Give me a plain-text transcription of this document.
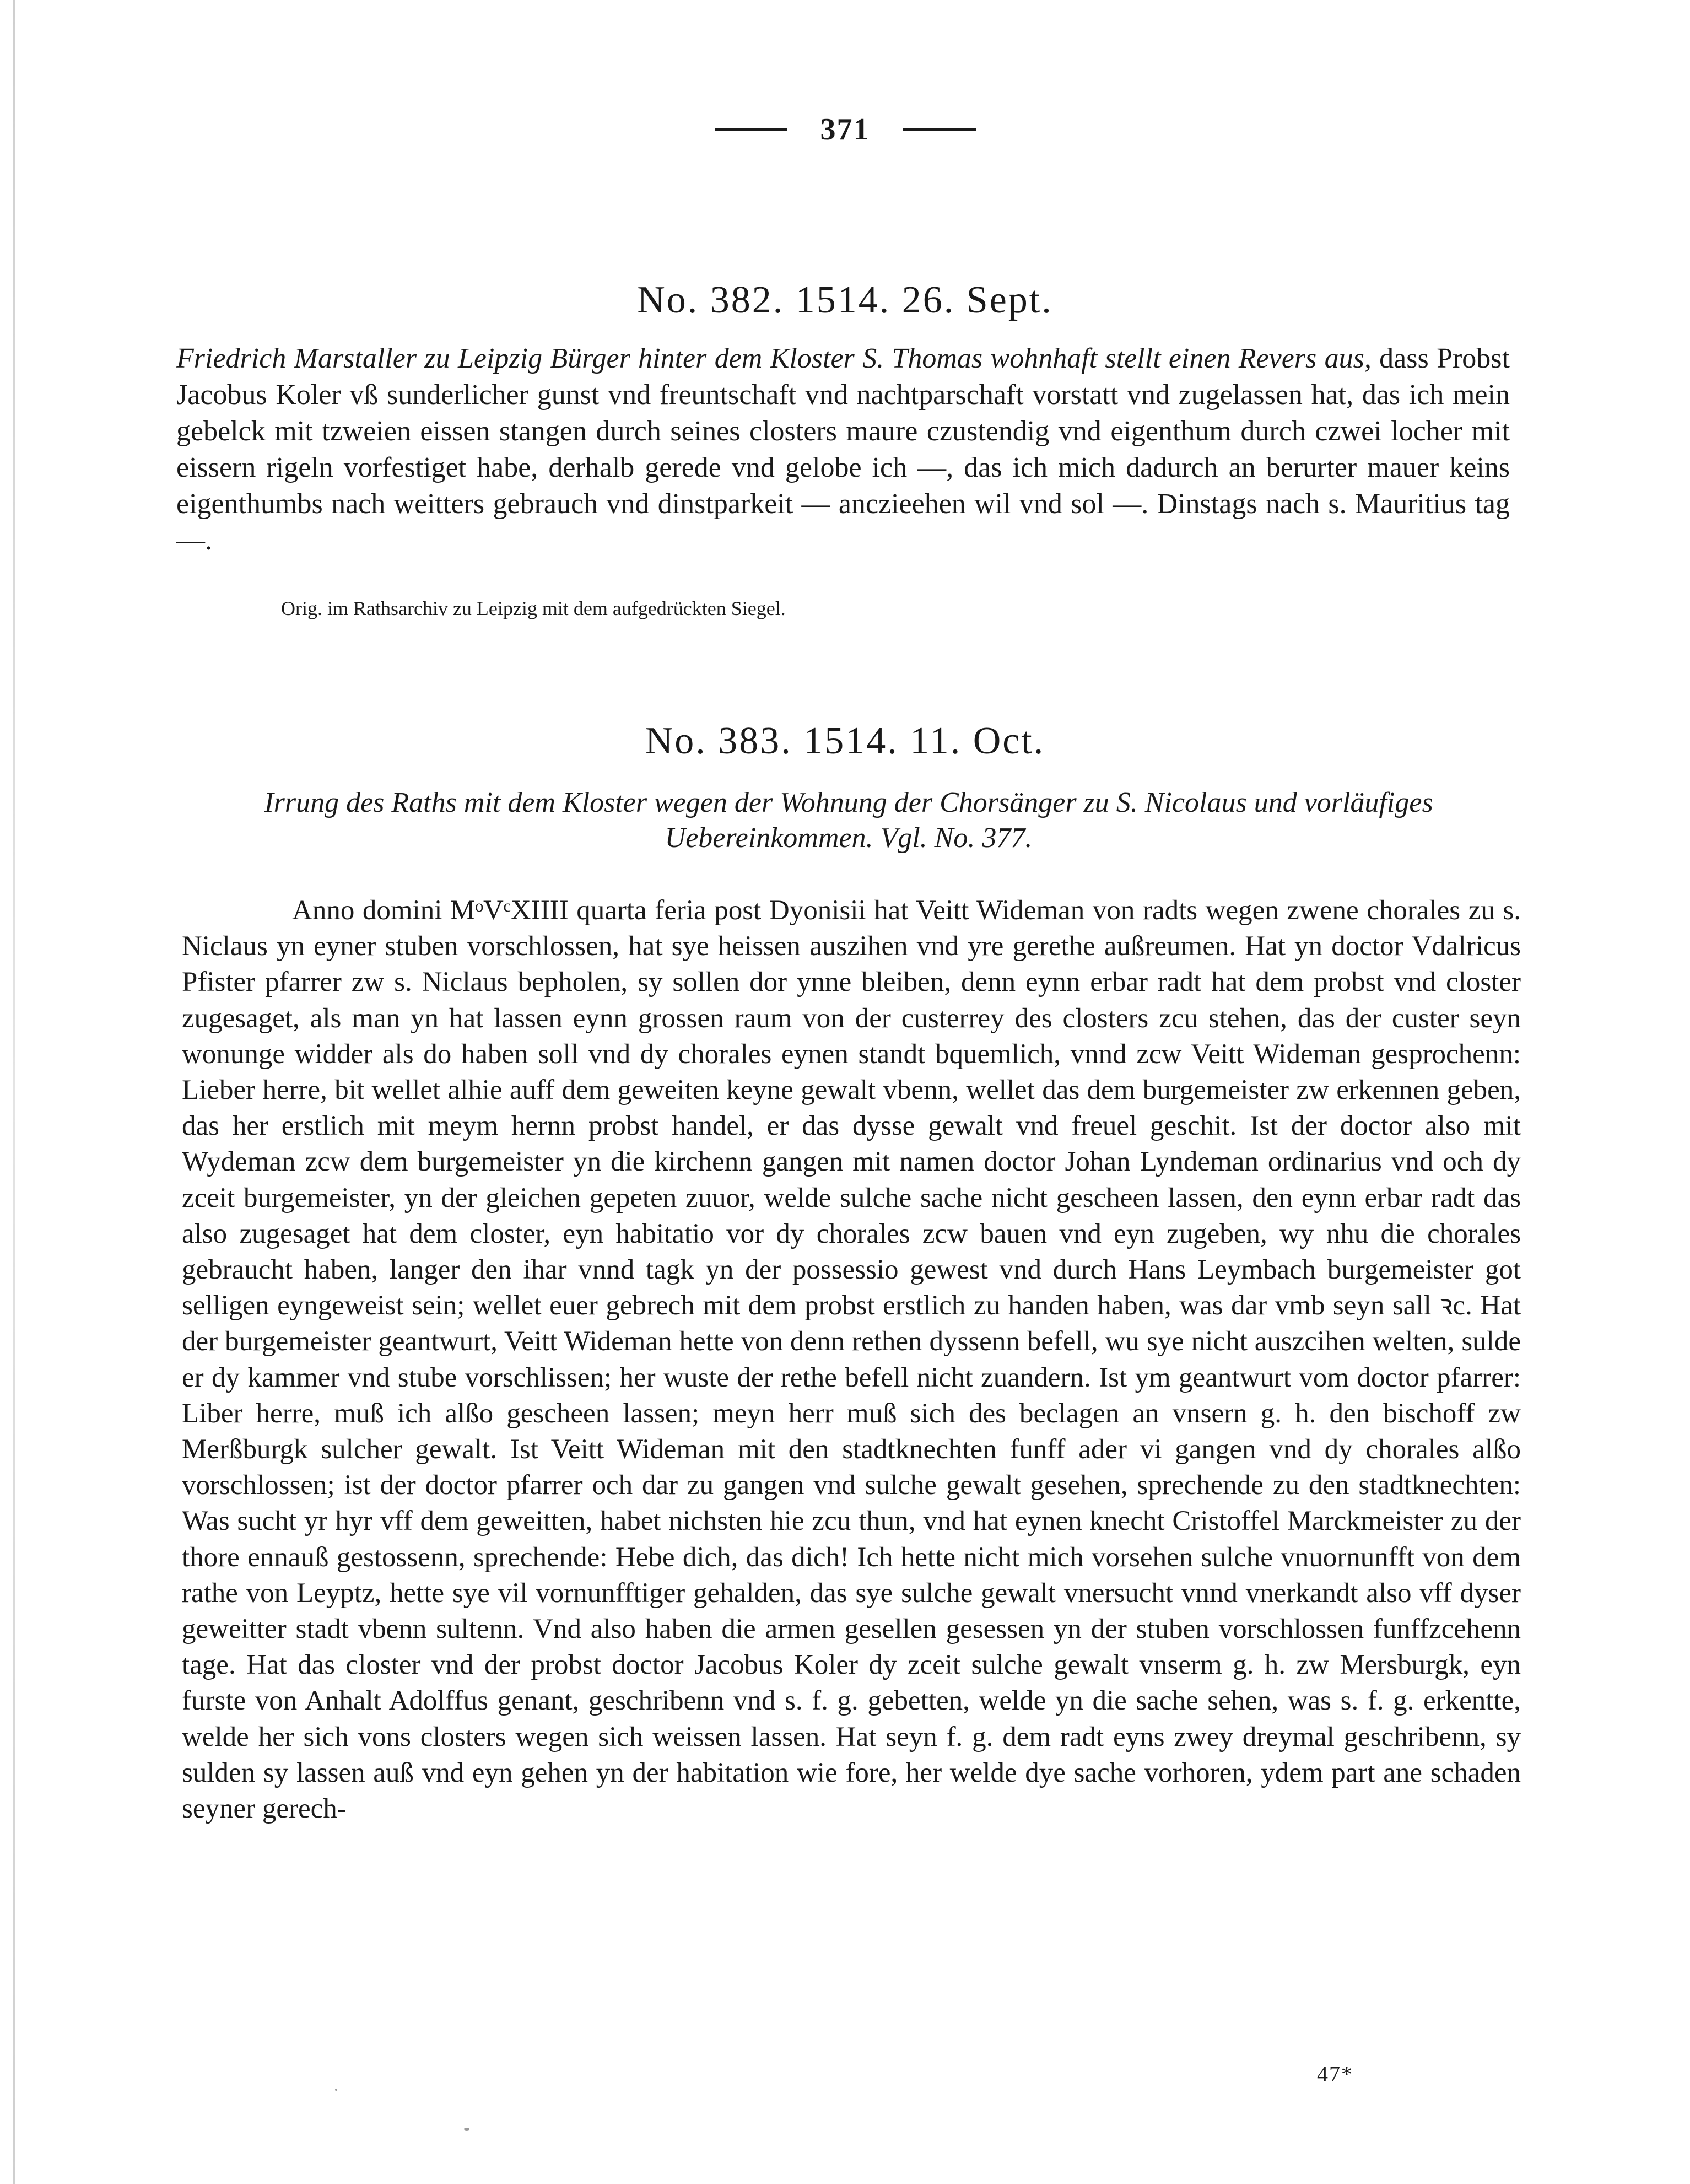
371
No. 382. 1514. 26. Sept.
Friedrich Marstaller zu Leipzig Bürger hinter dem Kloster S. Thomas wohnhaft stellt einen Revers aus, dass Probst Jacobus Koler vß sunderlicher gunst vnd freuntschaft vnd nachtparschaft vorstatt vnd zugelassen hat, das ich mein gebelck mit tzweien eissen stangen durch seines closters maure czustendig vnd eigenthum durch czwei locher mit eissern rigeln vorfestiget habe, derhalb gerede vnd gelobe ich —, das ich mich dadurch an berurter mauer keins eigenthumbs nach weitters gebrauch vnd dinstparkeit — anczieehen wil vnd sol —. Dinstags nach s. Mauritius tag —.
Orig. im Rathsarchiv zu Leipzig mit dem aufgedrückten Siegel.
No. 383. 1514. 11. Oct.
Irrung des Raths mit dem Kloster wegen der Wohnung der Chorsänger zu S. Nicolaus und vorläufiges Uebereinkommen. Vgl. No. 377.

Anno domini MᵒVᶜXIIII quarta feria post Dyonisii hat Veitt Wideman von radts wegen zwene chorales zu s. Niclaus yn eyner stuben vorschlossen, hat sye heissen auszihen vnd yre gerethe außreumen. Hat yn doctor Vdalricus Pfister pfarrer zw s. Niclaus bepholen, sy sollen dor ynne bleiben, denn eynn erbar radt hat dem probst vnd closter zugesaget, als man yn hat lassen eynn grossen raum von der custerrey des closters zcu stehen, das der custer seyn wonunge widder als do haben soll vnd dy chorales eynen standt bquemlich, vnnd zcw Veitt Wideman gesprochenn: Lieber herre, bit wellet alhie auff dem geweiten keyne gewalt vbenn, wellet das dem burgemeister zw erkennen geben, das her erstlich mit meym hernn probst handel, er das dysse gewalt vnd freuel geschit. Ist der doctor also mit Wydeman zcw dem burgemeister yn die kirchenn gangen mit namen doctor Johan Lyndeman ordinarius vnd och dy zceit burgemeister, yn der gleichen gepeten zuuor, welde sulche sache nicht gescheen lassen, den eynn erbar radt das also zugesaget hat dem closter, eyn habitatio vor dy chorales zcw bauen vnd eyn zugeben, wy nhu die chorales gebraucht haben, langer den ihar vnnd tagk yn der possessio gewest vnd durch Hans Leymbach burgemeister got selligen eyngeweist sein; wellet euer gebrech mit dem probst erstlich zu handen haben, was dar vmb seyn sall ꝛc. Hat der burgemeister geantwurt, Veitt Wideman hette von denn rethen dyssenn befell, wu sye nicht auszcihen welten, sulde er dy kammer vnd stube vorschlissen; her wuste der rethe befell nicht zuandern. Ist ym geantwurt vom doctor pfarrer: Liber herre, muß ich alßo gescheen lassen; meyn herr muß sich des beclagen an vnsern g. h. den bischoff zw Merßburgk sulcher gewalt. Ist Veitt Wideman mit den stadtknechten funff ader vi gangen vnd dy chorales alßo vorschlossen; ist der doctor pfarrer och dar zu gangen vnd sulche gewalt gesehen, sprechende zu den stadtknechten: Was sucht yr hyr vff dem geweitten, habet nichsten hie zcu thun, vnd hat eynen knecht Cristoffel Marckmeister zu der thore ennauß gestossenn, sprechende: Hebe dich, das dich! Ich hette nicht mich vorsehen sulche vnuornunfft von dem rathe von Leyptz, hette sye vil vornunfftiger gehalden, das sye sulche gewalt vnersucht vnnd vnerkandt also vff dyser geweitter stadt vbenn sultenn. Vnd also haben die armen gesellen gesessen yn der stuben vorschlossen funffzcehenn tage. Hat das closter vnd der probst doctor Jacobus Koler dy zceit sulche gewalt vnserm g. h. zw Mersburgk, eyn furste von Anhalt Adolffus genant, geschribenn vnd s. f. g. gebetten, welde yn die sache sehen, was s. f. g. erkentte, welde her sich vons closters wegen sich weissen lassen. Hat seyn f. g. dem radt eyns zwey dreymal geschribenn, sy sulden sy lassen auß vnd eyn gehen yn der habitation wie fore, her welde dye sache vorhoren, ydem part ane schaden seyner gerech-

47*
